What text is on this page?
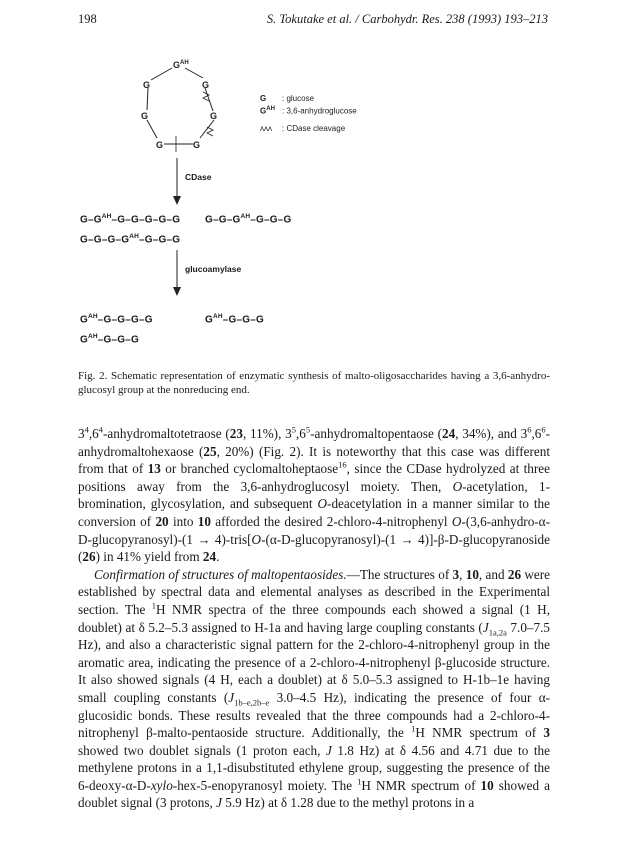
198	S. Tokutake et al. / Carbohydr. Res. 238 (1993) 193–213
$G^{AH}$
G	G
G	G
G	G
G : glucose
$G^{AH}$ : 3,6-anhydroglucose
ᴧᴧᴧ : CDase cleavage
CDase
glucoamylase
$G-G^{AH}-G-G-G-G-G$ $G-G-G^{AH}-G-G-G$
$G-G-G-G^{AH}-G-G-G$
$G^{AH}-G-G-G-G$	$G^{AH}-G-G-G$
$G^{AH}-G-G-G$
Fig. 2. Schematic representation of enzymatic synthesis of malto-oligosaccharides having a 3,6-anhydro-glucosyl group at the nonreducing end.

$3^4,6^4$-anhydromaltotetraose (23, 11%), $3^5,6^5$-anhydromaltopentaose (24, 34%), and $3^6,6^6$-anhydromaltohexaose (25, 20%) (Fig. 2). It is noteworthy that this case was different from that of 13 or branched cyclomaltoheptaose$^{16}$, since the CDase hydrolyzed at three positions away from the 3,6-anhydroglucosyl moiety. Then, O-acetylation, 1-bromination, glycosylation, and subsequent O-deacetylation in a manner similar to the conversion of 20 into 10 afforded the desired 2-chloro-4-nitrophenyl O-(3,6-anhydro-α-D-glucopyranosyl)-(1 → 4)-tris[O-(α-D-glucopyranosyl)-(1 → 4)]-β-D-glucopyranoside (26) in 41% yield from 24.

Confirmation of structures of maltopentaosides.—The structures of 3, 10, and 26 were established by spectral data and elemental analyses as described in the Experimental section. The $^1$H NMR spectra of the three compounds each showed a signal (1 H, doublet) at δ 5.2–5.3 assigned to H-1a and having large coupling constants ($J_{1a,2a}$ 7.0–7.5 Hz), and also a characteristic signal pattern for the 2-chloro-4-nitrophenyl group in the aromatic area, indicating the presence of a 2-chloro-4-nitrophenyl β-glucoside structure. It also showed signals (4 H, each a doublet) at δ 5.0–5.3 assigned to H-1b–1e having small coupling constants ($J_{1b-e,2b-e}$ 3.0–4.5 Hz), indicating the presence of four α-glucosidic bonds. These results revealed that the three compounds had a 2-chloro-4-nitrophenyl β-malto-pentaoside structure. Additionally, the $^1$H NMR spectrum of 3 showed two doublet signals (1 proton each, J 1.8 Hz) at δ 4.56 and 4.71 due to the methylene protons in a 1,1-disubstituted ethylene group, suggesting the presence of the 6-deoxy-α-D-xylo-hex-5-enopyranosyl moiety. The $^1$H NMR spectrum of 10 showed a doublet signal (3 protons, J 5.9 Hz) at δ 1.28 due to the methyl protons in a
